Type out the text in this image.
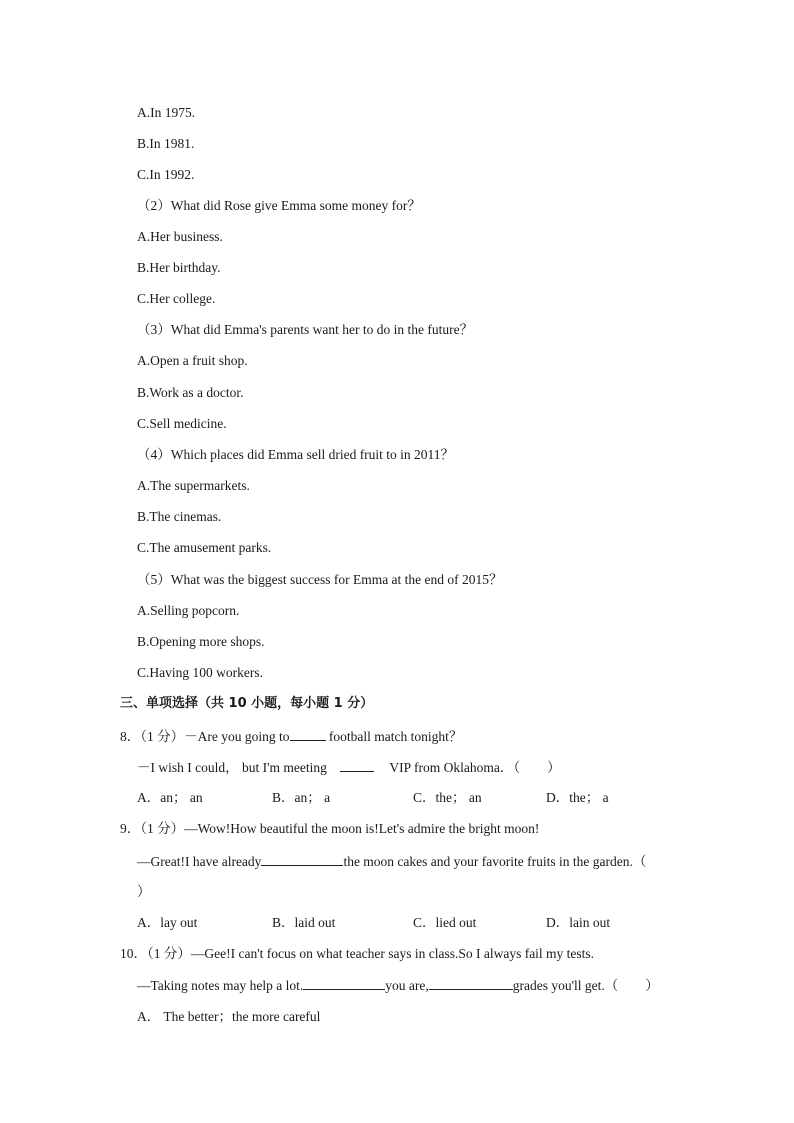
A.In 1975.
B.In 1981.
C.In 1992.
（2）What did Rose give Emma some money for？
A.Her business.
B.Her birthday.
C.Her college.
（3）What did Emma's parents want her to do in the future？
A.Open a fruit shop.
B.Work as a doctor.
C.Sell medicine.
（4）Which places did Emma sell dried fruit to in 2011？
A.The supermarkets.
B.The cinemas.
C.The amusement parks.
（5）What was the biggest success for Emma at the end of 2015？
A.Selling popcorn.
B.Opening more shops.
C.Having 100 workers.
三、单项选择（共 10 小题，每小题 1 分）
8．（1 分）－Are you going to	football match tonight？
－I wish I could， but I'm meeting	VIP from Oklahoma．（　　）
A．an； an	B．an； a	C．the； an	D．the； a
9．（1 分）—Wow!How beautiful the moon is!Let's admire the bright moon!
—Great!I have already	the moon cakes and your favorite fruits in the garden.（
）
A．lay out	B．laid out	C．lied out	D．lain out
10．（1 分）—Gee!I can't focus on what teacher says in class.So I always fail my tests.
—Taking notes may help a lot.	you are,	grades you'll get.（　　）
A． The better；the more careful
